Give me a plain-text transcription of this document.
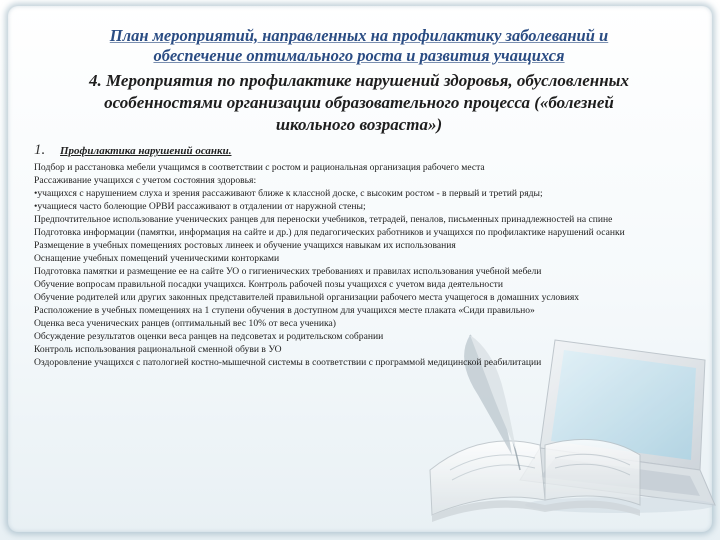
План мероприятий, направленных на профилактику заболеваний и
обеспечение оптимального роста и развития учащихся
4. Мероприятия по профилактике нарушений здоровья, обусловленных
особенностями организации образовательного процесса («болезней
школьного возраста»)
1.	Профилактика нарушений осанки.

Подбор и расстановка мебели учащимся в соответствии с ростом и рациональная организация рабочего места

Рассаживание учащихся с учетом состояния здоровья:

•учащихся с нарушением слуха и зрения рассаживают ближе к классной доске, с высоким ростом - в первый и третий ряды;

•учащиеся часто болеющие ОРВИ рассаживают в отдалении от наружной стены;

Предпочтительное использование ученических ранцев для переноски учебников, тетрадей, пеналов, письменных принадлежностей на спине

Подготовка информации (памятки, информация на сайте и др.) для педагогических работников и учащихся по профилактике нарушений осанки

Размещение в учебных помещениях ростовых линеек и обучение учащихся навыкам их использования

Оснащение учебных помещений ученическими конторками

Подготовка памятки и размещение ее на сайте УО о гигиенических требованиях и правилах использования учебной мебели

Обучение вопросам правильной посадки учащихся. Контроль рабочей позы учащихся с учетом вида деятельности

Обучение родителей или других законных представителей правильной организации рабочего места учащегося в домашних условиях

Расположение в учебных помещениях на 1 ступени обучения в доступном для учащихся месте плаката «Сиди правильно»

Оценка веса ученических ранцев (оптимальный вес 10% от веса ученика)

Обсуждение результатов оценки веса ранцев на педсоветах и родительском собрании

Контроль использования рациональной сменной обуви в УО

Оздоровление учащихся с патологией костно-мышечной системы в соответствии с программой медицинской реабилитации
